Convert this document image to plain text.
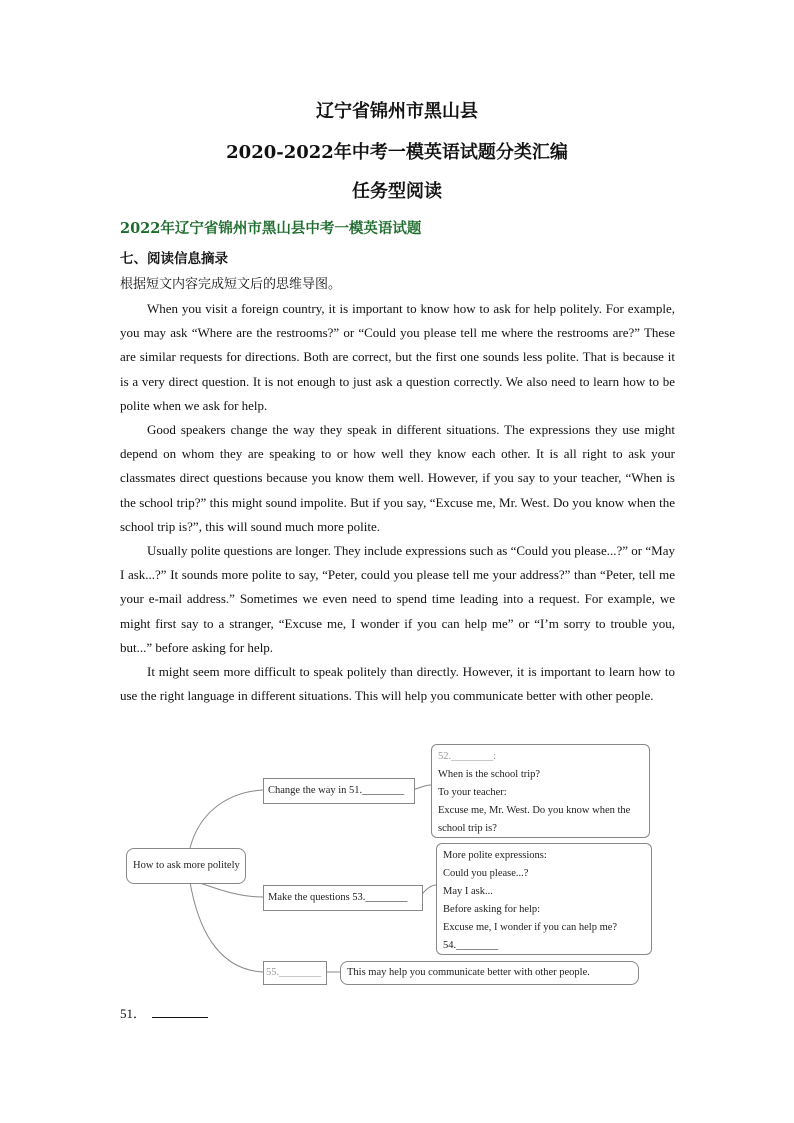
辽宁省锦州市黑山县
2020-2022年中考一模英语试题分类汇编
任务型阅读
2022年辽宁省锦州市黑山县中考一模英语试题
七、阅读信息摘录
根据短文内容完成短文后的思维导图。

When you visit a foreign country, it is important to know how to ask for help politely. For example, you may ask “Where are the restrooms?” or “Could you please tell me where the restrooms are?” These are similar requests for directions. Both are correct, but the first one sounds less polite. That is because it is a very direct question. It is not enough to just ask a question correctly. We also need to learn how to be polite when we ask for help.

Good speakers change the way they speak in different situations. The expressions they use might depend on whom they are speaking to or how well they know each other. It is all right to ask your classmates direct questions because you know them well. However, if you say to your teacher, “When is the school trip?” this might sound impolite. But if you say, “Excuse me, Mr. West. Do you know when the school trip is?”, this will sound much more polite.

Usually polite questions are longer. They include expressions such as “Could you please...?” or “May I ask...?” It sounds more polite to say, “Peter, could you please tell me your address?” than “Peter, tell me your e-mail address.” Sometimes we even need to spend time leading into a request. For example, we might first say to a stranger, “Excuse me, I wonder if you can help me” or “I’m sorry to trouble you, but...” before asking for help.

It might seem more difficult to speak politely than directly. However, it is important to learn how to use the right language in different situations. This will help you communicate better with other people.

How to ask more politely
Change the way in 51.________
Make the questions 53.________
55.________
52.________:
When is the school trip?
To your teacher:
Excuse me, Mr. West. Do you know when the
school trip is?
More polite expressions:
Could you please...?
May I ask...
Before asking for help:
Excuse me, I wonder if you can help me?
54.________
This may help you communicate better with other people.
51．
